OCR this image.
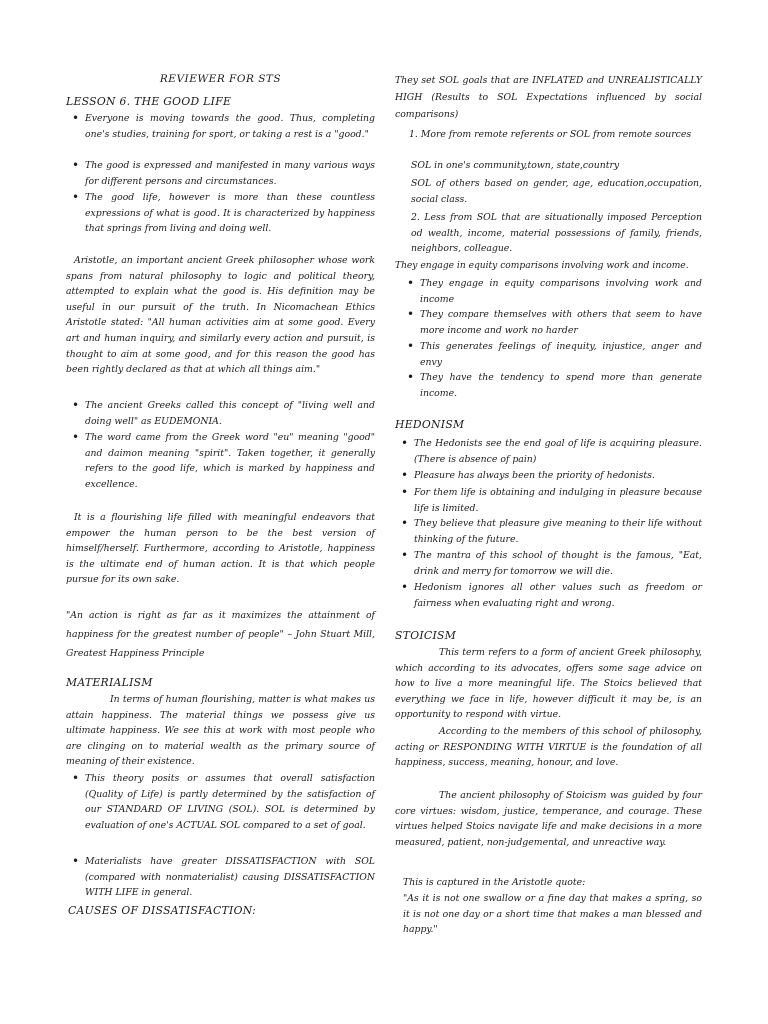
REVIEWER FOR STS

LESSON 6. THE GOOD LIFE

• Everyone is moving towards the good. Thus, completing one's studies, training for sport, or taking a rest is a "good."

• The good is expressed and manifested in many various ways for different persons and circumstances.

• The good life, however is more than these countless expressions of what is good. It is characterized by happiness that springs from living and doing well.

Aristotle, an important ancient Greek philosopher whose work spans from natural philosophy to logic and political theory, attempted to explain what the good is. His definition may be useful in our pursuit of the truth. In Nicomachean Ethics Aristotle stated: "All human activities aim at some good. Every art and human inquiry, and similarly every action and pursuit, is thought to aim at some good, and for this reason the good has been rightly declared as that at which all things aim."

• The ancient Greeks called this concept of "living well and doing well" as EUDEMONIA.

• The word came from the Greek word "eu" meaning "good" and daimon meaning "spirit". Taken together, it generally refers to the good life, which is marked by happiness and excellence.

It is a flourishing life filled with meaningful endeavors that empower the human person to be the best version of himself/herself. Furthermore, according to Aristotle, happiness is the ultimate end of human action. It is that which people pursue for its own sake.

"An action is right as far as it maximizes the attainment of happiness for the greatest number of people" – John Stuart Mill, Greatest Happiness Principle

MATERIALISM

In terms of human flourishing, matter is what makes us attain happiness. The material things we possess give us ultimate happiness. We see this at work with most people who are clinging on to material wealth as the primary source of meaning of their existence.

• This theory posits or assumes that overall satisfaction (Quality of Life) is partly determined by the satisfaction of our STANDARD OF LIVING (SOL). SOL is determined by evaluation of one's ACTUAL SOL compared to a set of goal.

• Materialists have greater DISSATISFACTION with SOL (compared with nonmaterialist) causing DISSATISFACTION WITH LIFE in general.

CAUSES OF DISSATISFACTION:

They set SOL goals that are INFLATED and UNREALISTICALLY HIGH (Results to SOL Expectations influenced by social comparisons)

1. More from remote referents or SOL from remote sources

SOL in one's community,town, state,country

SOL of others based on gender, age, education,occupation, social class.

2. Less from SOL that are situationally imposed Perception od wealth, income, material possessions of family, friends, neighbors, colleague.

They engage in equity comparisons involving work and income.

• They engage in equity comparisons involving work and income

• They compare themselves with others that seem to have more income and work no harder

• This generates feelings of inequity, injustice, anger and envy

• They have the tendency to spend more than generate income.

HEDONISM

• The Hedonists see the end goal of life is acquiring pleasure. (There is absence of pain)

• Pleasure has always been the priority of hedonists.

• For them life is obtaining and indulging in pleasure because life is limited.

• They believe that pleasure give meaning to their life without thinking of the future.

• The mantra of this school of thought is the famous, "Eat, drink and merry for tomorrow we will die.

• Hedonism ignores all other values such as freedom or fairness when evaluating right and wrong.

STOICISM

This term refers to a form of ancient Greek philosophy, which according to its advocates, offers some sage advice on how to live a more meaningful life. The Stoics believed that everything we face in life, however difficult it may be, is an opportunity to respond with virtue.

According to the members of this school of philosophy, acting or RESPONDING WITH VIRTUE is the foundation of all happiness, success, meaning, honour, and love.

The ancient philosophy of Stoicism was guided by four core virtues: wisdom, justice, temperance, and courage. These virtues helped Stoics navigate life and make decisions in a more measured, patient, non-judgemental, and unreactive way.

This is captured in the Aristotle quote:

"As it is not one swallow or a fine day that makes a spring, so it is not one day or a short time that makes a man blessed and happy."
